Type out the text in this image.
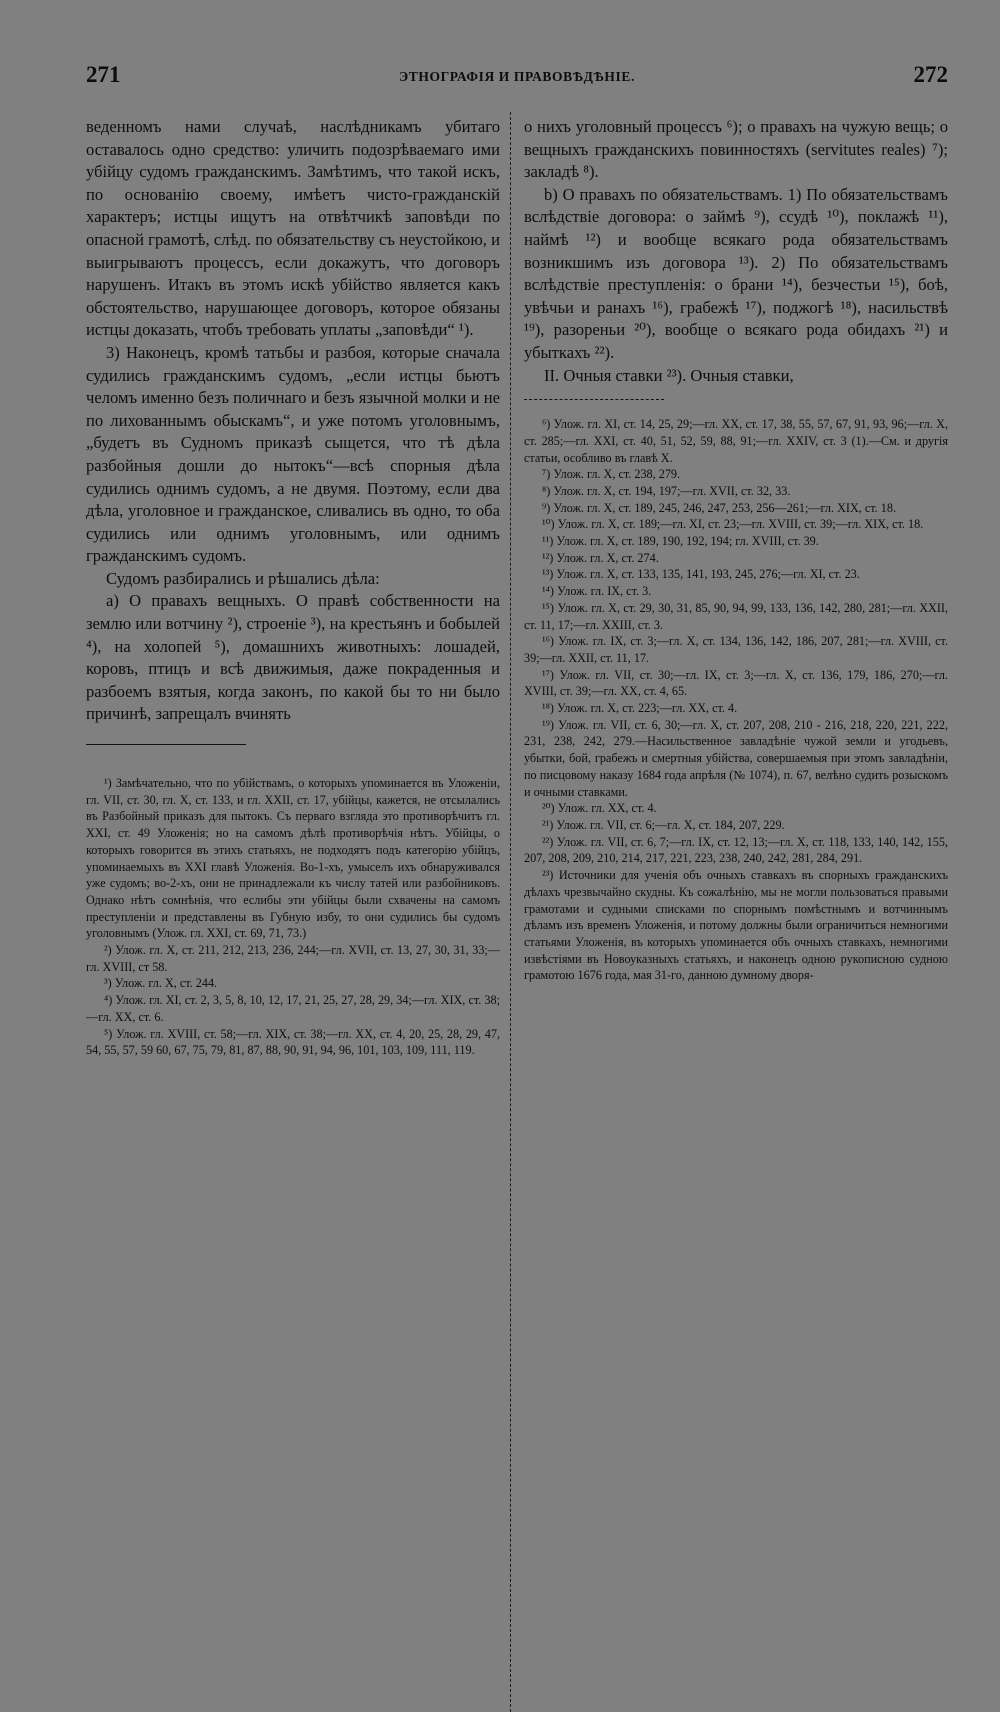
271	ЭТНОГРАФІЯ И ПРАВОВѢДѢНІЕ.	272

веденномъ нами случаѣ, наслѣдникамъ убитаго оставалось одно средство: уличить подозрѣваемаго ими убійцу судомъ гражданскимъ. Замѣтимъ, что такой искъ, по основанію своему, имѣетъ чисто-гражданскій характеръ; истцы ищутъ на отвѣтчикѣ заповѣди по опасной грамотѣ, слѣд. по обязательству съ неустойкою, и выигрываютъ процессъ, если докажутъ, что договоръ нарушенъ. Итакъ въ этомъ искѣ убійство является какъ обстоятельство, нарушающее договоръ, которое обязаны истцы доказать, чтобъ требовать уплаты „заповѣди“ ¹).

3) Наконецъ, кромѣ татьбы и разбоя, которые сначала судились гражданскимъ судомъ, „если истцы бьютъ челомъ именно безъ поличнаго и безъ язычной молки и не по лихованнымъ обыскамъ“, и уже потомъ уголовнымъ, „будетъ въ Судномъ приказѣ сыщется, что тѣ дѣла разбойныя дошли до нытокъ“—всѣ спорныя дѣла судились однимъ судомъ, а не двумя. Поэтому, если два дѣла, уголовное и гражданское, сливались въ одно, то оба судились или однимъ уголовнымъ, или однимъ гражданскимъ судомъ.

Судомъ разбирались и рѣшались дѣла:

а) О правахъ вещныхъ. О правѣ собственности на землю или вотчину ²), строеніе ³), на крестьянъ и бобылей ⁴), на холопей ⁵), домашнихъ животныхъ: лошадей, коровъ, птицъ и всѣ движимыя, даже покраденныя и разбоемъ взятыя, когда законъ, по какой бы то ни было причинѣ, запрещалъ вчинять

¹) Замѣчательно, что по убійствамъ, о которыхъ упоминается въ Уложеніи, гл. VII, ст. 30, гл. X, ст. 133, и гл. XXII, ст. 17, убійцы, кажется, не отсылались въ Разбойный приказъ для пытокъ. Съ перваго взгляда это противорѣчитъ гл. XXI, ст. 49 Уложенія; но на самомъ дѣлѣ противорѣчія нѣтъ. Убійцы, о которыхъ говорится въ этихъ статьяхъ, не подходятъ подъ категорію убійцъ, упоминаемыхъ въ XXI главѣ Уложенія. Во-1-хъ, умыселъ ихъ обнаруживался уже судомъ; во-2-хъ, они не принадлежали къ числу татей или разбойниковъ. Однако нѣтъ сомнѣнія, что еслибы эти убійцы были схвачены на самомъ преступленіи и представлены въ Губную избу, то они судились бы судомъ уголовнымъ (Улож. гл. XXI, ст. 69, 71, 73.)

²) Улож. гл. X, ст. 211, 212, 213, 236, 244;—гл. XVII, ст. 13, 27, 30, 31, 33;—гл. XVIII, ст 58.

³) Улож. гл. X, ст. 244.

⁴) Улож. гл. XI, ст. 2, 3, 5, 8, 10, 12, 17, 21, 25, 27, 28, 29, 34;—гл. XIX, ст. 38;—гл. XX, ст. 6.

⁵) Улож. гл. XVIII, ст. 58;—гл. XIX, ст. 38;—гл. XX, ст. 4, 20, 25, 28, 29, 47, 54, 55, 57, 59 60, 67, 75, 79, 81, 87, 88, 90, 91, 94, 96, 101, 103, 109, 111, 119.

о нихъ уголовный процессъ ⁶); о правахъ на чужую вещь; о вещныхъ гражданскихъ повинностяхъ (servitutes reales) ⁷); закладѣ ⁸).

b) О правахъ по обязательствамъ. 1) По обязательствамъ вслѣдствіе договора: о займѣ ⁹), ссудѣ ¹⁰), поклажѣ ¹¹), наймѣ ¹²) и вообще всякаго рода обязательствамъ возникшимъ изъ договора ¹³). 2) По обязательствамъ вслѣдствіе преступленія: о брани ¹⁴), безчестьи ¹⁵), боѣ, увѣчьи и ранахъ ¹⁶), грабежѣ ¹⁷), поджогѣ ¹⁸), насильствѣ ¹⁹), разореньи ²⁰), вообще о всякаго рода обидахъ ²¹) и убыткахъ ²²).

II. Очныя ставки ²³). Очныя ставки,

⁶) Улож. гл. XI, ст. 14, 25, 29;—гл. XX, ст. 17, 38, 55, 57, 67, 91, 93, 96;—гл. X, ст. 285;—гл. XXI, ст. 40, 51, 52, 59, 88, 91;—гл. XXIV, ст. 3 (1).—См. и другія статьи, особливо въ главѣ X.

⁷) Улож. гл. X, ст. 238, 279.

⁸) Улож. гл. X, ст. 194, 197;—гл. XVII, ст. 32, 33.

⁹) Улож. гл. X, ст. 189, 245, 246, 247, 253, 256—261;—гл. XIX, ст. 18.

¹⁰) Улож. гл. X, ст. 189;—гл. XI, ст. 23;—гл. XVIII, ст. 39;—гл. XIX, ст. 18.

¹¹) Улож. гл. X, ст. 189, 190, 192, 194; гл. XVIII, ст. 39.

¹²) Улож. гл. X, ст. 274.

¹³) Улож. гл. X, ст. 133, 135, 141, 193, 245, 276;—гл. XI, ст. 23.

¹⁴) Улож. гл. IX, ст. 3.

¹⁵) Улож. гл. X, ст. 29, 30, 31, 85, 90, 94, 99, 133, 136, 142, 280, 281;—гл. XXII, ст. 11, 17;—гл. XXIII, ст. 3.

¹⁶) Улож. гл. IX, ст. 3;—гл. X, ст. 134, 136, 142, 186, 207, 281;—гл. XVIII, ст. 39;—гл. XXII, ст. 11, 17.

¹⁷) Улож. гл. VII, ст. 30;—гл. IX, ст. 3;—гл. X, ст. 136, 179, 186, 270;—гл. XVIII, ст. 39;—гл. XX, ст. 4, 65.

¹⁸) Улож. гл. X, ст. 223;—гл. XX, ст. 4.

¹⁹) Улож. гл. VII, ст. 6, 30;—гл. X, ст. 207, 208, 210 - 216, 218, 220, 221, 222, 231, 238, 242, 279.—Насильственное завладѣніе чужой земли и угодьевъ, убытки, бой, грабежъ и смертныя убійства, совершаемыя при этомъ завладѣніи, по писцовому наказу 1684 года апрѣля (№ 1074), п. 67, велѣно судить розыскомъ и очными ставками.

²⁰) Улож. гл. XX, ст. 4.

²¹) Улож. гл. VII, ст. 6;—гл. X, ст. 184, 207, 229.

²²) Улож. гл. VII, ст. 6, 7;—гл. IX, ст. 12, 13;—гл. X, ст. 118, 133, 140, 142, 155, 207, 208, 209, 210, 214, 217, 221, 223, 238, 240, 242, 281, 284, 291.

²³) Источники для ученія объ очныхъ ставкахъ въ спорныхъ гражданскихъ дѣлахъ чрезвычайно скудны. Къ сожалѣнію, мы не могли пользоваться правыми грамотами и судными списками по спорнымъ помѣстнымъ и вотчиннымъ дѣламъ изъ временъ Уложенія, и потому должны были ограничиться немногими статьями Уложенія, въ которыхъ упоминается объ очныхъ ставкахъ, немногими извѣстіями въ Новоуказныхъ статьяхъ, и наконецъ одною рукописною судною грамотою 1676 года, мая 31-го, данною думному дворя-
